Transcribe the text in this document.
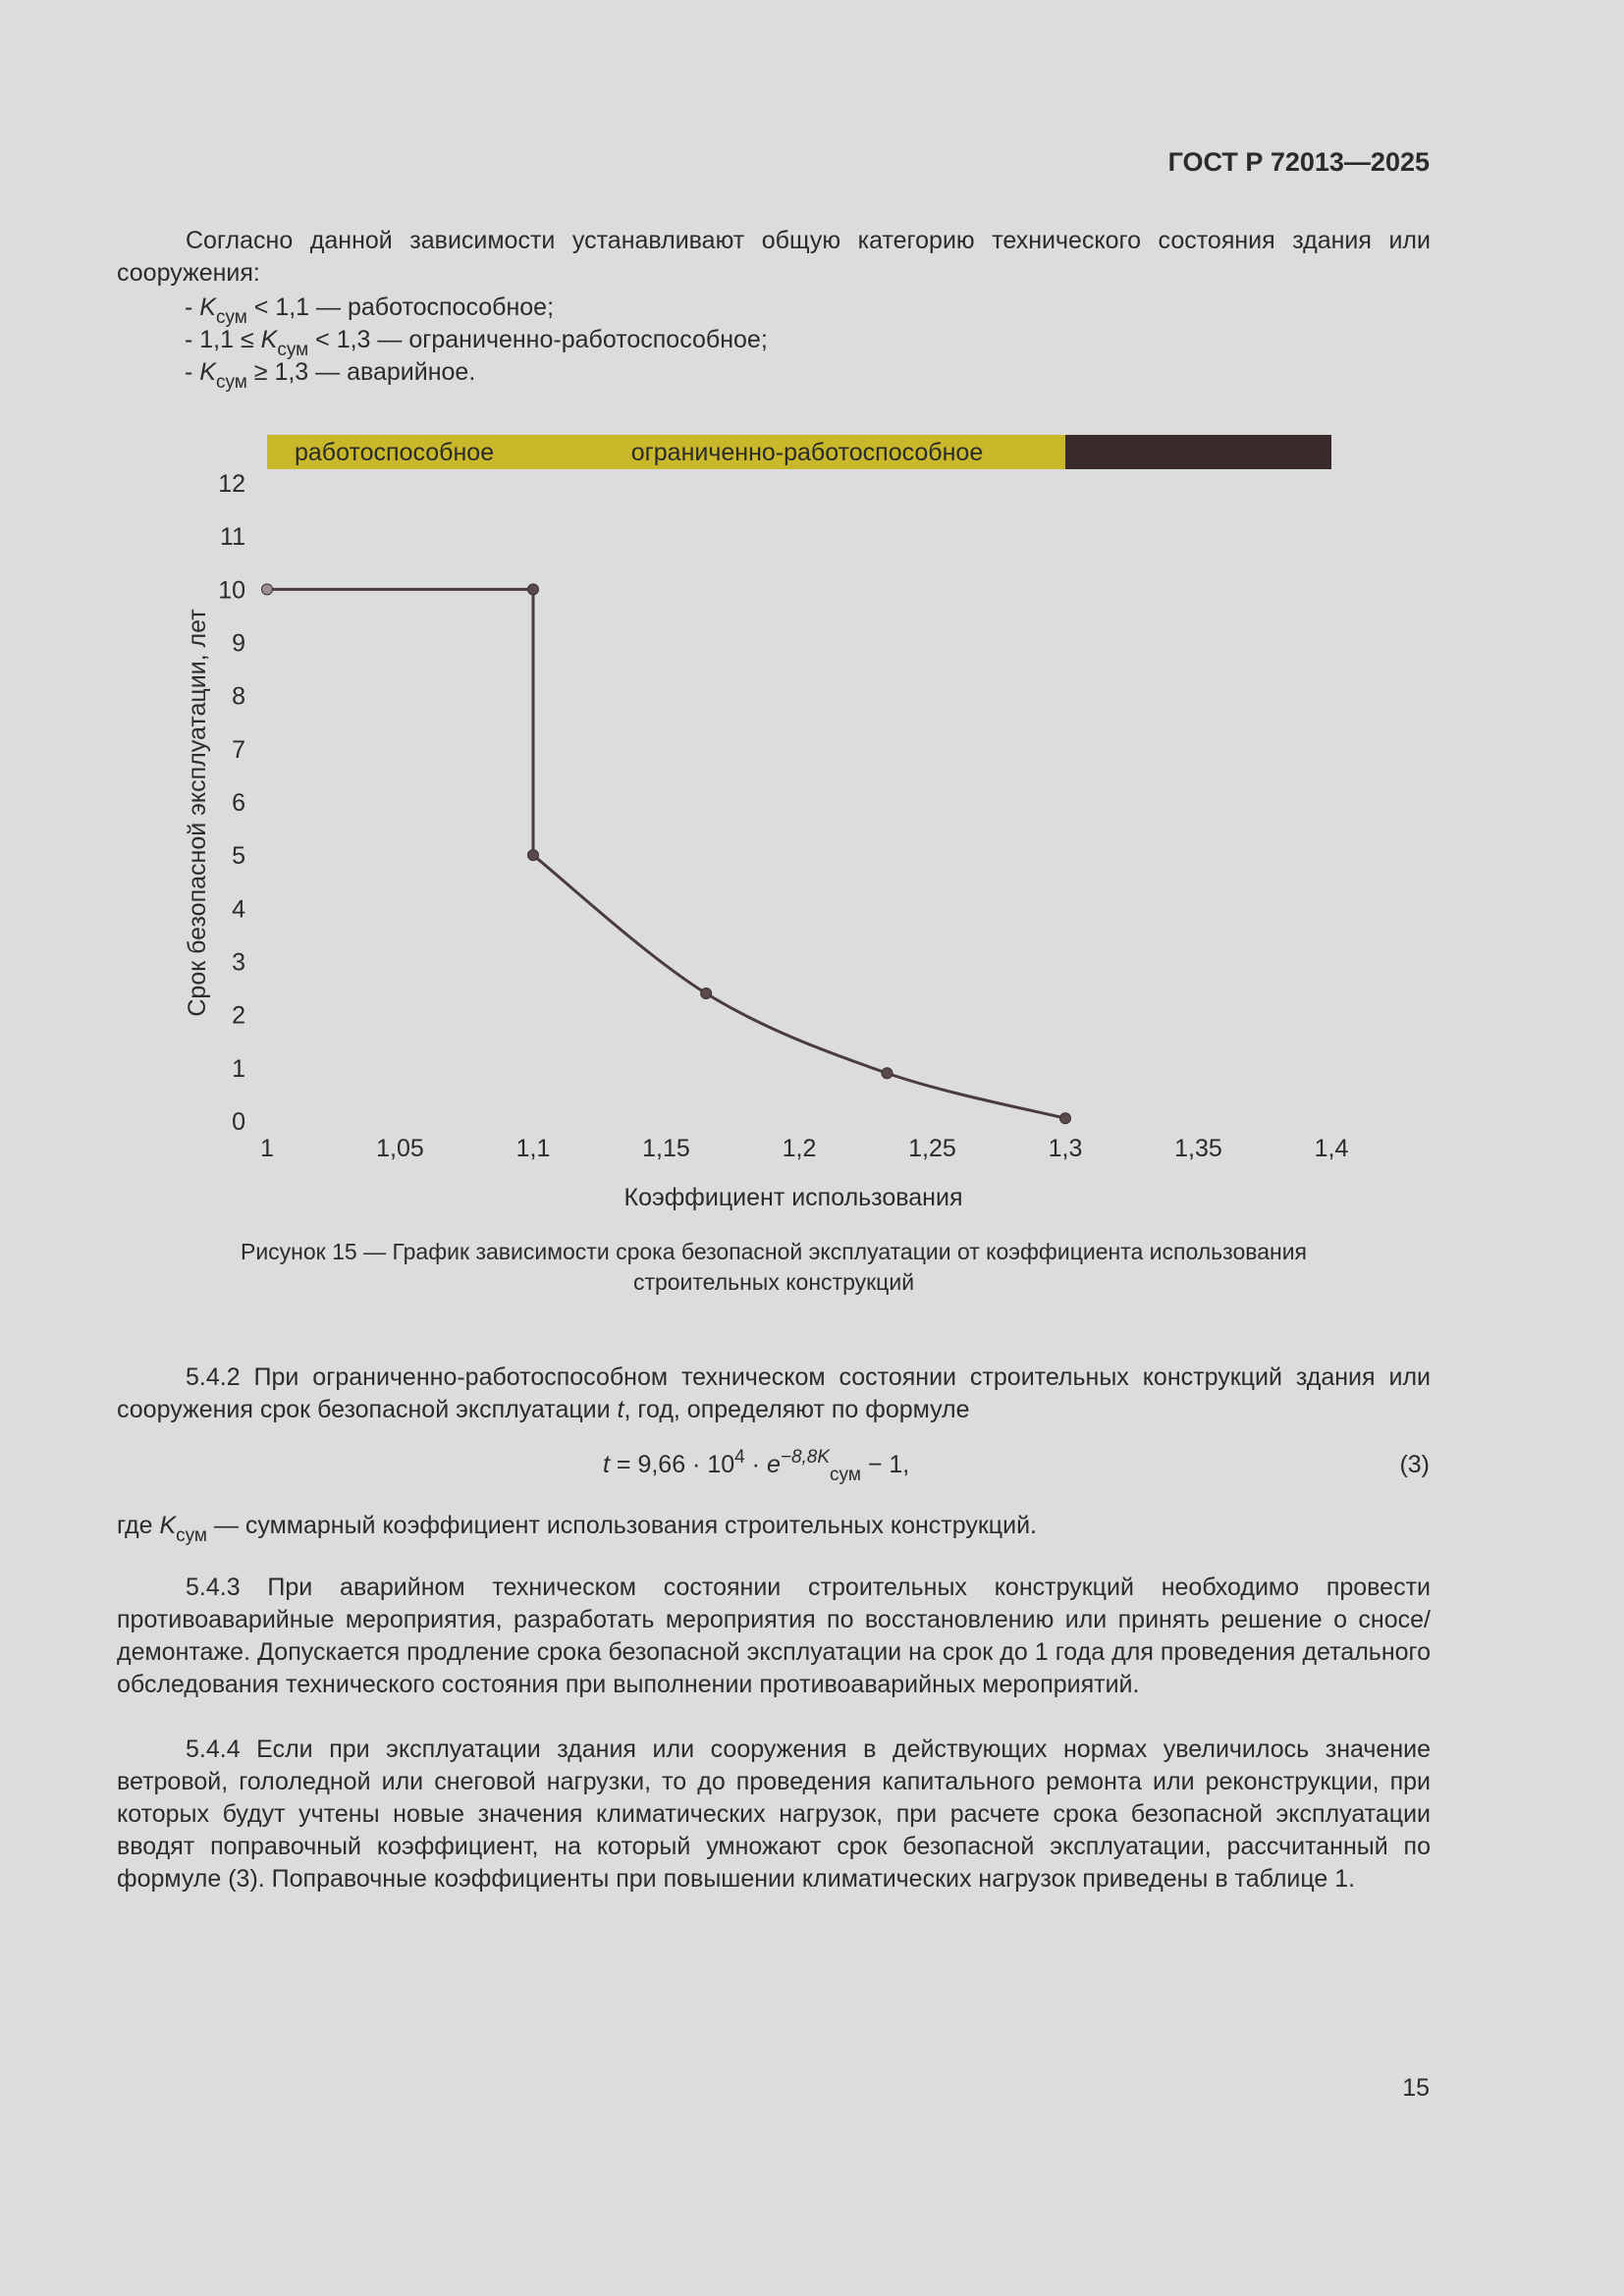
ГОСТ Р 72013—2025

Согласно данной зависимости устанавливают общую категорию технического состояния здания или сооружения:

- $K_{сум} < 1,1$ — работоспособное;
- $1,1 \le K_{сум} < 1,3$ — ограниченно-работоспособное;
- $K_{сум} \ge 1,3$ — аварийное.
работоспособное	ограниченно-работоспособное
0
1
2
3
4
5
6
7
8
9
10
11
12
1	1,05	1,1	1,15	1,2	1,25	1,3	1,35	1,4
Срок безопасной эксплуатации, лет
Коэффициент использования
Рисунок 15 — График зависимости срока безопасной эксплуатации от коэффициента использования
строительных конструкций

5.4.2 При ограниченно-работоспособном техническом состоянии строительных конструкций здания или сооружения срок безопасной эксплуатации t, год, определяют по формуле

$t = 9,66 \cdot 10^4 \cdot e^{-8,8K}_{сум} - 1$,	(3)
где $K_{сум}$ — суммарный коэффициент использования строительных конструкций.

5.4.3 При аварийном техническом состоянии строительных конструкций необходимо провести противоаварийные мероприятия, разработать мероприятия по восстановлению или принять решение о сносе/демонтаже. Допускается продление срока безопасной эксплуатации на срок до 1 года для проведения детального обследования технического состояния при выполнении противоаварийных мероприятий.

5.4.4 Если при эксплуатации здания или сооружения в действующих нормах увеличилось значение ветровой, гололедной или снеговой нагрузки, то до проведения капитального ремонта или реконструкции, при которых будут учтены новые значения климатических нагрузок, при расчете срока безопасной эксплуатации вводят поправочный коэффициент, на который умножают срок безопасной эксплуатации, рассчитанный по формуле (3). Поправочные коэффициенты при повышении климатических нагрузок приведены в таблице 1.

15
